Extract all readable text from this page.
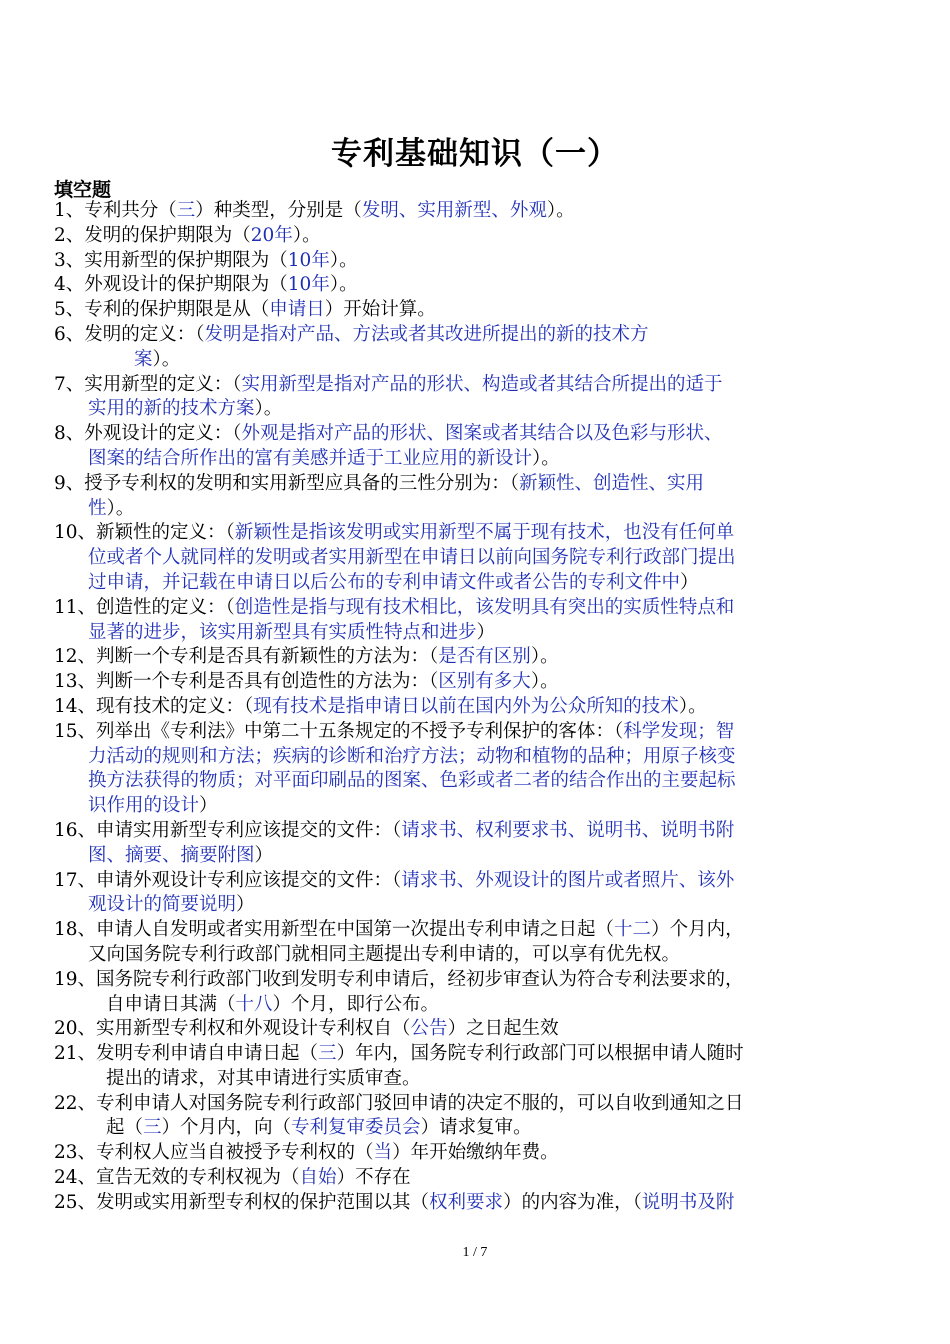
专利基础知识（一）
填空题
1、专利共分（三）种类型，分别是（发明、实用新型、外观）。
2、发明的保护期限为（20年）。
3、实用新型的保护期限为（10年）。
4、外观设计的保护期限为（10年）。
5、专利的保护期限是从（申请日）开始计算。
6、发明的定义：（发明是指对产品、方法或者其改进所提出的新的技术方
案）。
7、实用新型的定义：（实用新型是指对产品的形状、构造或者其结合所提出的适于
实用的新的技术方案）。
8、外观设计的定义：（外观是指对产品的形状、图案或者其结合以及色彩与形状、
图案的结合所作出的富有美感并适于工业应用的新设计）。
9、授予专利权的发明和实用新型应具备的三性分别为：（新颖性、创造性、实用
性）。
10、新颖性的定义：（新颖性是指该发明或实用新型不属于现有技术，也没有任何单
位或者个人就同样的发明或者实用新型在申请日以前向国务院专利行政部门提出
过申请，并记载在申请日以后公布的专利申请文件或者公告的专利文件中）
11、创造性的定义：（创造性是指与现有技术相比，该发明具有突出的实质性特点和
显著的进步，该实用新型具有实质性特点和进步）
12、判断一个专利是否具有新颖性的方法为：（是否有区别）。
13、判断一个专利是否具有创造性的方法为：（区别有多大）。
14、现有技术的定义：（现有技术是指申请日以前在国内外为公众所知的技术）。
15、列举出《专利法》中第二十五条规定的不授予专利保护的客体：（科学发现；智
力活动的规则和方法；疾病的诊断和治疗方法；动物和植物的品种；用原子核变
换方法获得的物质；对平面印刷品的图案、色彩或者二者的结合作出的主要起标
识作用的设计）
16、申请实用新型专利应该提交的文件：（请求书、权利要求书、说明书、说明书附
图、摘要、摘要附图）
17、申请外观设计专利应该提交的文件：（请求书、外观设计的图片或者照片、该外
观设计的简要说明）
18、申请人自发明或者实用新型在中国第一次提出专利申请之日起（十二）个月内，
又向国务院专利行政部门就相同主题提出专利申请的，可以享有优先权。
19、国务院专利行政部门收到发明专利申请后，经初步审查认为符合专利法要求的，
自申请日其满（十八）个月，即行公布。
20、实用新型专利权和外观设计专利权自（公告）之日起生效
21、发明专利申请自申请日起（三）年内，国务院专利行政部门可以根据申请人随时
提出的请求，对其申请进行实质审查。
22、专利申请人对国务院专利行政部门驳回申请的决定不服的，可以自收到通知之日
起（三）个月内，向（专利复审委员会）请求复审。
23、专利权人应当自被授予专利权的（当）年开始缴纳年费。
24、宣告无效的专利权视为（自始）不存在
25、发明或实用新型专利权的保护范围以其（权利要求）的内容为准，（说明书及附
1 / 7
